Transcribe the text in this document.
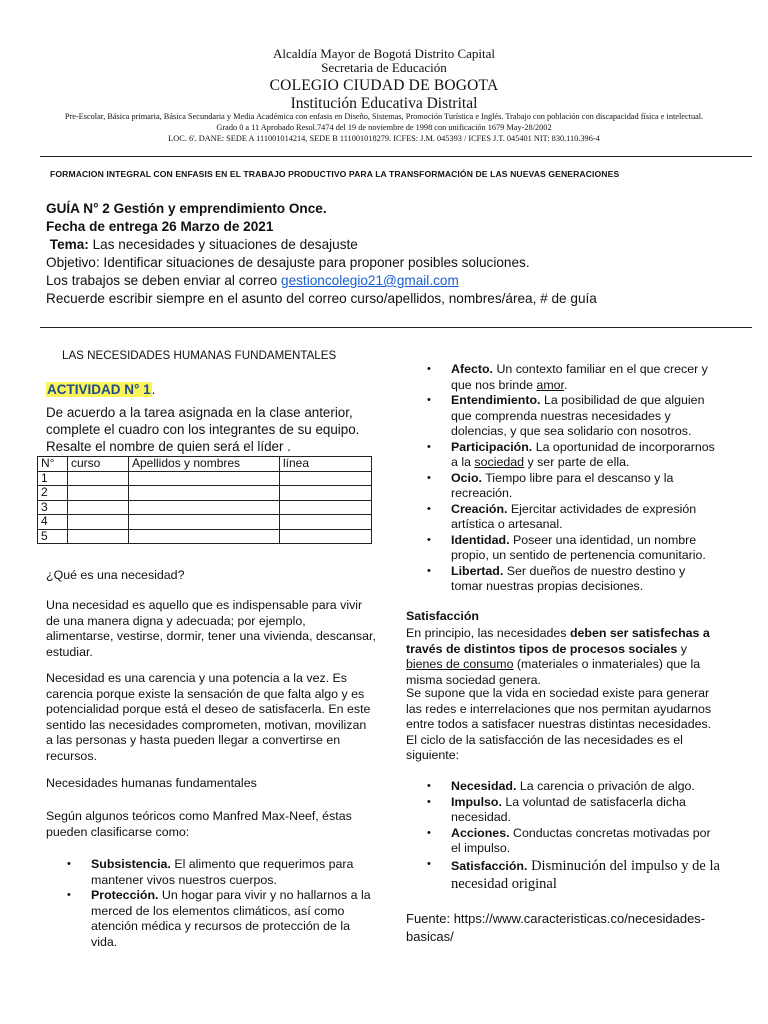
Alcaldía Mayor de Bogotá Distrito Capital
Secretaria de Educación
COLEGIO CIUDAD DE BOGOTA
Institución Educativa Distrital
Pre-Escolar, Básica primaria, Básica Secundaria y Media Académica con enfasis en Diseño, Sistemas, Promoción Turística e Inglés. Trabajo con población con discapacidad física e intelectual.
Grado 0 a 11 Aprobado Resol.7474 del 19 de noviembre de 1998 con unificación 1679 May-28/2002
LOC. 6'. DANE: SEDE A 111001014214, SEDE B 111001018279. ICFES: J.M. 045393 / ICFES J.T. 045401 NIT: 830.110.396-4
FORMACION INTEGRAL CON ENFASIS EN EL TRABAJO PRODUCTIVO PARA LA TRANSFORMACIÓN DE LAS NUEVAS GENERACIONES
GUÍA N° 2 Gestión y emprendimiento Once.
Fecha de entrega 26 Marzo de 2021
Tema: Las necesidades y situaciones de desajuste
Objetivo: Identificar situaciones de desajuste para proponer posibles soluciones.
Los trabajos se deben enviar al correo gestioncolegio21@gmail.com
Recuerde escribir siempre en el asunto del correo curso/apellidos, nombres/área, # de guía
LAS NECESIDADES HUMANAS FUNDAMENTALES
ACTIVIDAD N° 1.
De acuerdo a la tarea asignada en la clase anterior, complete el cuadro con los integrantes de su equipo. Resalte el nombre de quien será el líder .
N°	curso	Apellidos y nombres	línea
1			
2			
3			
4			
5			
¿Qué es una necesidad?
Una necesidad es aquello que es indispensable para vivir de una manera digna y adecuada; por ejemplo, alimentarse, vestirse, dormir, tener una vivienda, descansar, estudiar.
Necesidad es una carencia y una potencia a la vez. Es carencia porque existe la sensación de que falta algo y es potencialidad porque está el deseo de satisfacerla. En este sentido las necesidades comprometen, motivan, movilizan a las personas y hasta pueden llegar a convertirse en recursos.
Necesidades humanas fundamentales
Según algunos teóricos como Manfred Max-Neef, éstas pueden clasificarse como:
• Subsistencia. El alimento que requerimos para mantener vivos nuestros cuerpos.
• Protección. Un hogar para vivir y no hallarnos a la merced de los elementos climáticos, así como atención médica y recursos de protección de la vida.
• Afecto. Un contexto familiar en el que crecer y que nos brinde amor.
• Entendimiento. La posibilidad de que alguien que comprenda nuestras necesidades y dolencias, y que sea solidario con nosotros.
• Participación. La oportunidad de incorporarnos a la sociedad y ser parte de ella.
• Ocio. Tiempo libre para el descanso y la recreación.
• Creación. Ejercitar actividades de expresión artística o artesanal.
• Identidad. Poseer una identidad, un nombre propio, un sentido de pertenencia comunitario.
• Libertad. Ser dueños de nuestro destino y tomar nuestras propias decisiones.
Satisfacción
En principio, las necesidades deben ser satisfechas a través de distintos tipos de procesos sociales y bienes de consumo (materiales o inmateriales) que la misma sociedad genera.
Se supone que la vida en sociedad existe para generar las redes e interrelaciones que nos permitan ayudarnos entre todos a satisfacer nuestras distintas necesidades. El ciclo de la satisfacción de las necesidades es el siguiente:
• Necesidad. La carencia o privación de algo.
• Impulso. La voluntad de satisfacerla dicha necesidad.
• Acciones. Conductas concretas motivadas por el impulso.
• Satisfacción. Disminución del impulso y de la necesidad original
Fuente: https://www.caracteristicas.co/necesidades-basicas/
